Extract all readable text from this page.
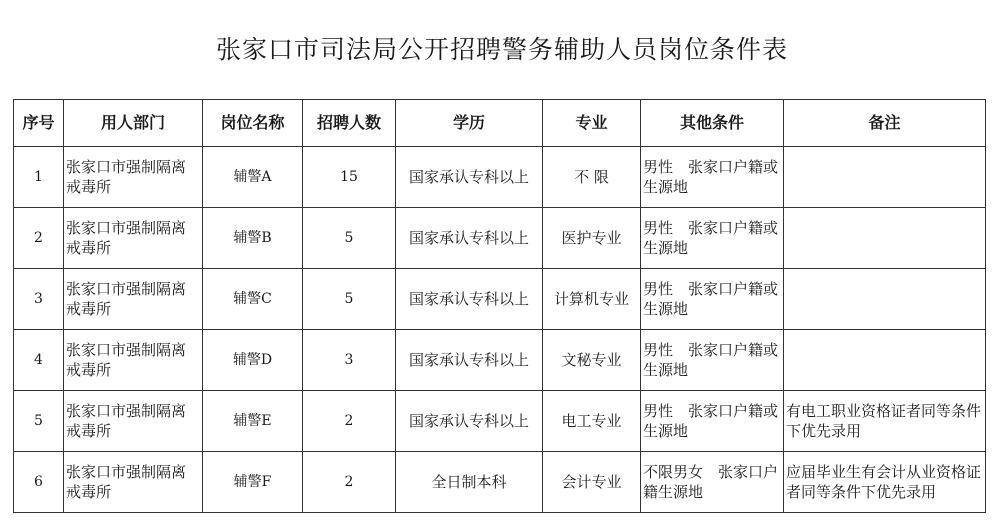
张家口市司法局公开招聘警务辅助人员岗位条件表
序号	用人部门	岗位名称	招聘人数	学历	专业	其他条件	备注
1	张家口市强制隔离戒毒所	辅警A	15	国家承认专科以上	不 限	男性　张家口户籍或生源地	
2	张家口市强制隔离戒毒所	辅警B	5	国家承认专科以上	医护专业	男性　张家口户籍或生源地	
3	张家口市强制隔离戒毒所	辅警C	5	国家承认专科以上	计算机专业	男性　张家口户籍或生源地	
4	张家口市强制隔离戒毒所	辅警D	3	国家承认专科以上	文秘专业	男性　张家口户籍或生源地	
5	张家口市强制隔离戒毒所	辅警E	2	国家承认专科以上	电工专业	男性　张家口户籍或生源地	有电工职业资格证者同等条件下优先录用
6	张家口市强制隔离戒毒所	辅警F	2	全日制本科	会计专业	不限男女　张家口户籍生源地	应届毕业生有会计从业资格证者同等条件下优先录用
